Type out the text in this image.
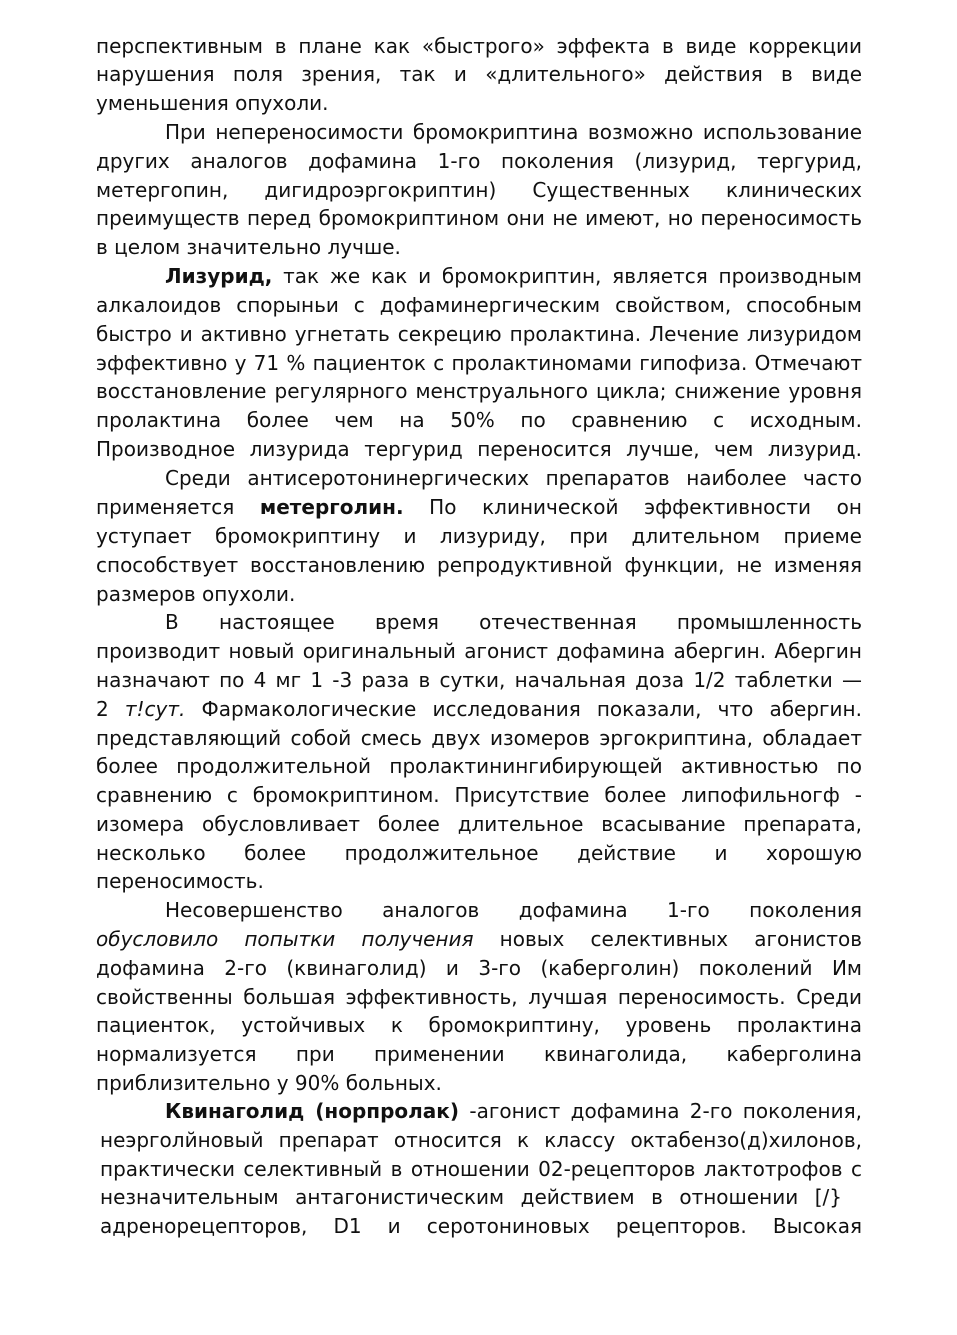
перспективным в плане как «быстрого» эффекта в виде коррекции
нарушения поля зрения, так и «длительного» действия в виде
уменьшения опухоли.
При непереносимости бромокриптина возможно использование
других аналогов дофамина 1-го поколения (лизурид, тергурид,
метергопин, дигидроэргокриптин) Существенных клинических
преимуществ перед бромокриптином они не имеют, но переносимость
в целом значительно лучше.
Лизурид, так же как и бромокриптин, является производным
алкалоидов спорыньи с дофаминергическим свойством, способным
быстро и активно угнетать секрецию пролактина. Лечение лизуридом
эффективно у 71 % пациенток с пролактиномами гипофиза. Отмечают
восстановление регулярного менструального цикла; снижение уровня
пролактина более чем на 50% по сравнению с исходным.
Производное лизурида тергурид переносится лучше, чем лизурид.
Среди антисеротонинергических препаратов наиболее часто
применяется метерголин. По клинической эффективности он
уступает бромокриптину и лизуриду, при длительном приеме
способствует восстановлению репродуктивной функции, не изменяя
размеров опухоли.
В настоящее время отечественная промышленность
производит новый оригинальный агонист дофамина абергин. Абергин
назначают по 4 мг 1 -3 раза в сутки, начальная доза 1/2 таблетки —
2 т!сут. Фармакологические исследования показали, что абергин.
представляющий собой смесь двух изомеров эргокриптина, обладает
более продолжительной пролактинингибирующей активностью по
сравнению с бромокриптином. Присутствие более липофильногф -
изомера обусловливает более длительное всасывание препарата,
несколько более продолжительное действие и хорошую
переносимость.
Несовершенство аналогов дофамина 1-го поколения
обусловило попытки получения новых селективных агонистов
дофамина 2-го (квинаголид) и 3-го (каберголин) поколений Им
свойственны большая эффективность, лучшая переносимость. Среди
пациенток, устойчивых к бромокриптину, уровень пролактина
нормализуется при применении квинаголида, каберголина
приблизительно у 90% больных.
Квинаголид (норпролак) -агонист дофамина 2-го поколения,
неэрголйновый препарат относится к классу октабензо(д)хилонов,
практически селективный в отношении 02-рецепторов лактотрофов с
незначительным антагонистическим действием в отношении [/}
адренорецепторов, D1 и серотониновых рецепторов. Высокая
